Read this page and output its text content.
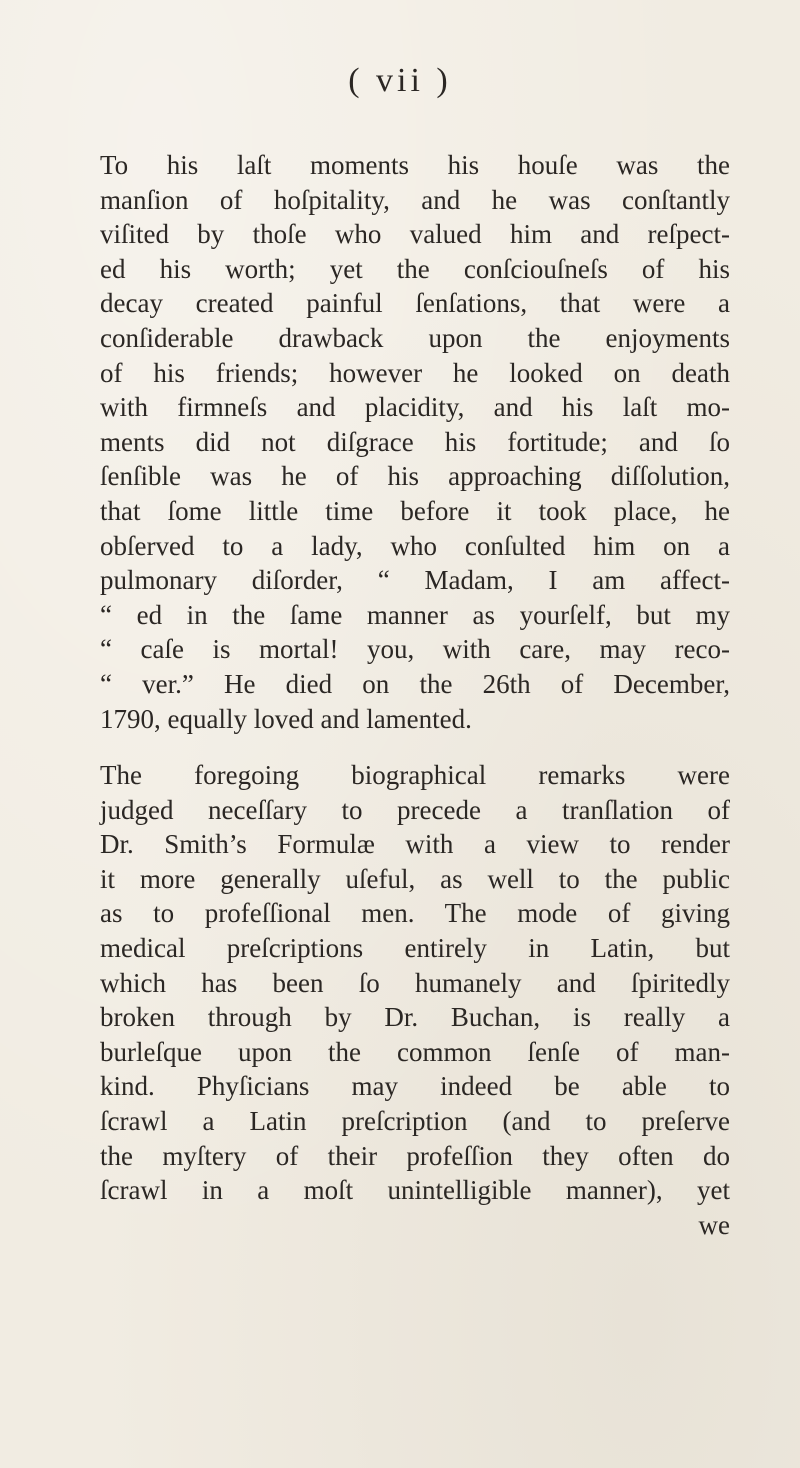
( vii )
To his laſt moments his houſe was the
manſion of hoſpitality, and he was conſtantly
viſited by thoſe who valued him and reſpect-
ed his worth; yet the conſciouſneſs of his
decay created painful ſenſations, that were a
conſiderable drawback upon the enjoyments
of his friends; however he looked on death
with firmneſs and placidity, and his laſt mo-
ments did not diſgrace his fortitude; and ſo
ſenſible was he of his approaching diſſolution,
that ſome little time before it took place, he
obſerved to a lady, who conſulted him on a
pulmonary diſorder, “ Madam, I am affect-
“ ed in the ſame manner as yourſelf, but my
“ caſe is mortal! you, with care, may reco-
“ ver.” He died on the 26th of December,
1790, equally loved and lamented.
The foregoing biographical remarks were
judged neceſſary to precede a tranſlation of
Dr. Smith’s Formulæ with a view to render
it more generally uſeful, as well to the public
as to profeſſional men. The mode of giving
medical preſcriptions entirely in Latin, but
which has been ſo humanely and ſpiritedly
broken through by Dr. Buchan, is really a
burleſque upon the common ſenſe of man-
kind. Phyſicians may indeed be able to
ſcrawl a Latin preſcription (and to preſerve
the myſtery of their profeſſion they often do
ſcrawl in a moſt unintelligible manner), yet
we
